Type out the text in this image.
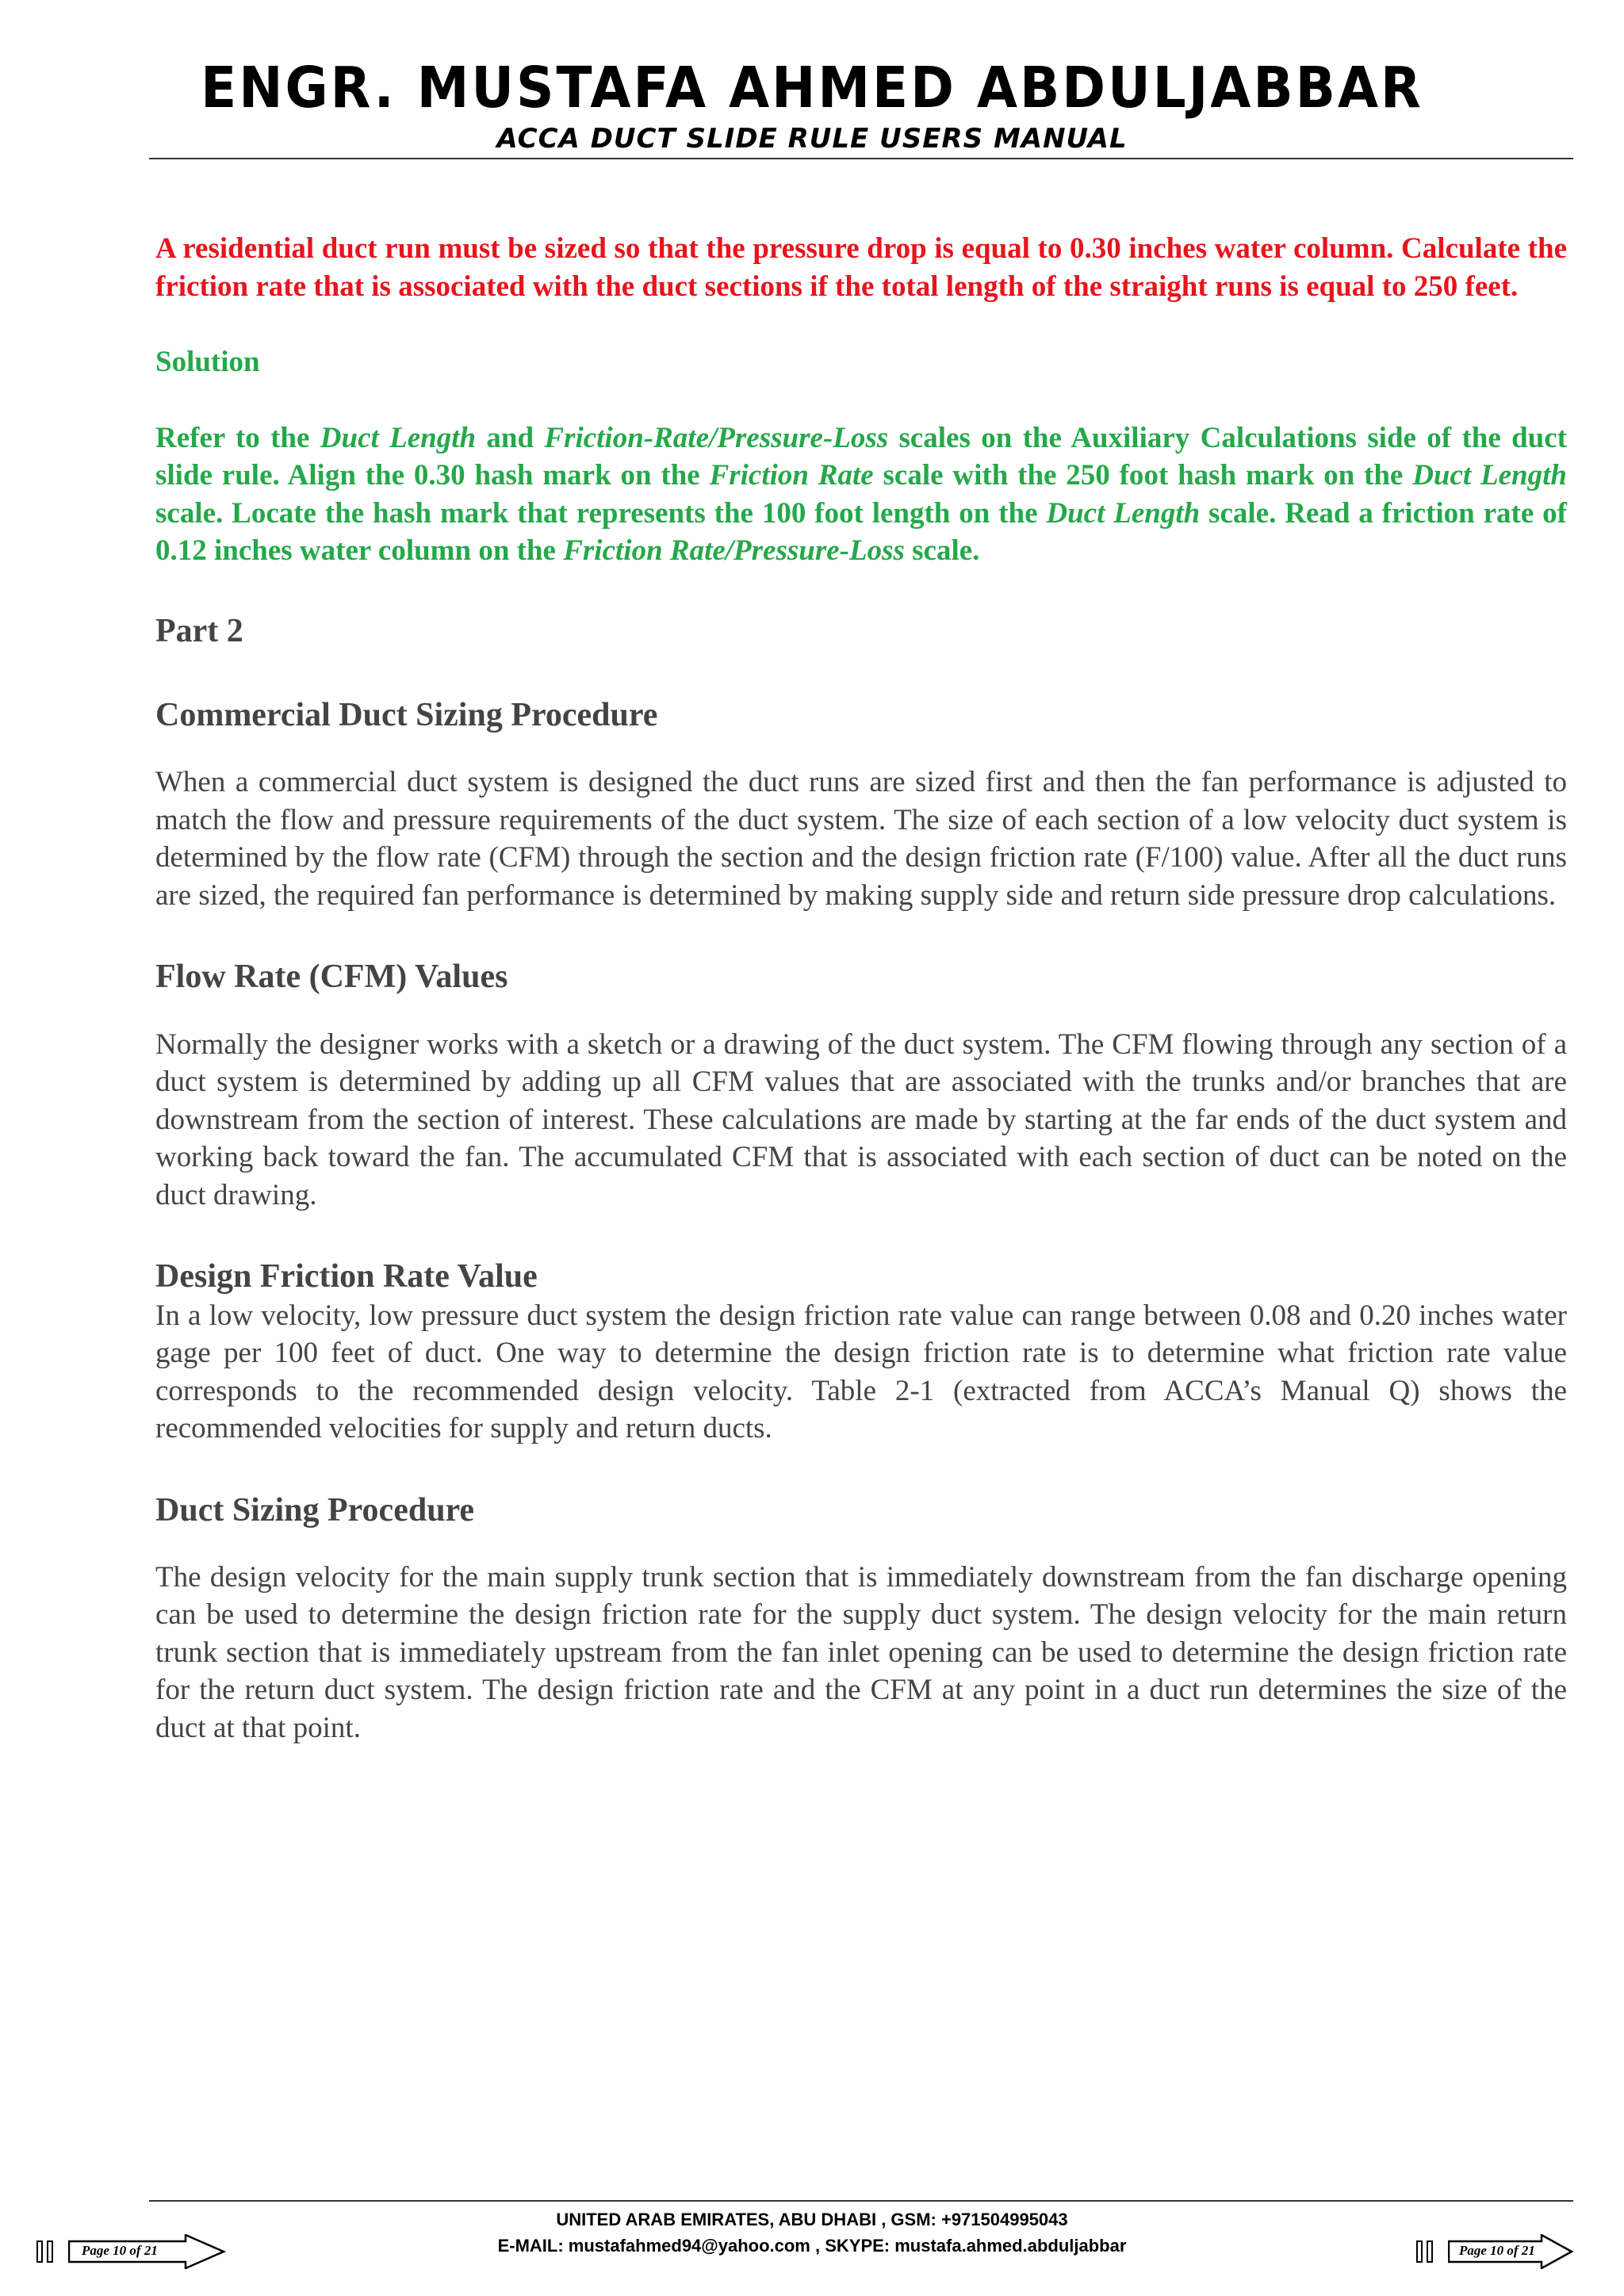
ENGR. MUSTAFA AHMED ABDULJABBAR
ACCA DUCT SLIDE RULE USERS MANUAL

A residential duct run must be sized so that the pressure drop is equal to 0.30 inches water column. Calculate the friction rate that is associated with the duct sections if the total length of the straight runs is equal to 250 feet.

Solution

Refer to the Duct Length and Friction-Rate/Pressure-Loss scales on the Auxiliary Calculations side of the duct slide rule. Align the 0.30 hash mark on the Friction Rate scale with the 250 foot hash mark on the Duct Length scale. Locate the hash mark that represents the 100 foot length on the Duct Length scale. Read a friction rate of 0.12 inches water column on the Friction Rate/Pressure-Loss scale.

Part 2
Commercial Duct Sizing Procedure

When a commercial duct system is designed the duct runs are sized first and then the fan performance is adjusted to match the flow and pressure requirements of the duct system. The size of each section of a low velocity duct system is determined by the flow rate (CFM) through the section and the design friction rate (F/100) value. After all the duct runs are sized, the required fan performance is determined by making supply side and return side pressure drop calculations.

Flow Rate (CFM) Values

Normally the designer works with a sketch or a drawing of the duct system. The CFM flowing through any section of a duct system is determined by adding up all CFM values that are associated with the trunks and/or branches that are downstream from the section of interest. These calculations are made by starting at the far ends of the duct system and working back toward the fan. The accumulated CFM that is associated with each section of duct can be noted on the duct drawing.

Design Friction Rate Value

In a low velocity, low pressure duct system the design friction rate value can range between 0.08 and 0.20 inches water gage per 100 feet of duct. One way to determine the design friction rate is to determine what friction rate value corresponds to the recommended design velocity. Table 2-1 (extracted from ACCA’s Manual Q) shows the recommended velocities for supply and return ducts.

Duct Sizing Procedure

The design velocity for the main supply trunk section that is immediately downstream from the fan discharge opening can be used to determine the design friction rate for the supply duct system. The design velocity for the main return trunk section that is immediately upstream from the fan inlet opening can be used to determine the design friction rate for the return duct system. The design friction rate and the CFM at any point in a duct run determines the size of the duct at that point.

UNITED ARAB EMIRATES, ABU DHABI , GSM: +971504995043
E-MAIL: mustafahmed94@yahoo.com , SKYPE: mustafa.ahmed.abduljabbar
Page 10 of 21	Page 10 of 21
